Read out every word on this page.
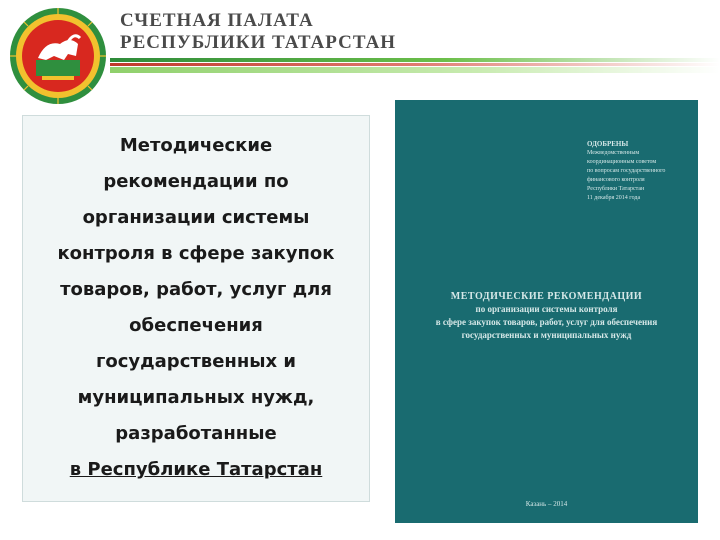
СЧЕТНАЯ ПАЛАТА
РЕСПУБЛИКИ ТАТАРСТАН

Методические

рекомендации по

организации системы

контроля в сфере закупок

товаров, работ, услуг для

обеспечения

государственных и

муниципальных нужд,

разработанные

в Республике Татарстан

ОДОБРЕНЫ
Межведомственным
координационным советом
по вопросам государственного
финансового контроля
Республики Татарстан
11 декабря 2014 года
МЕТОДИЧЕСКИЕ РЕКОМЕНДАЦИИ
по организации системы контроля
в сфере закупок товаров, работ, услуг для обеспечения
государственных и муниципальных нужд
Казань – 2014
